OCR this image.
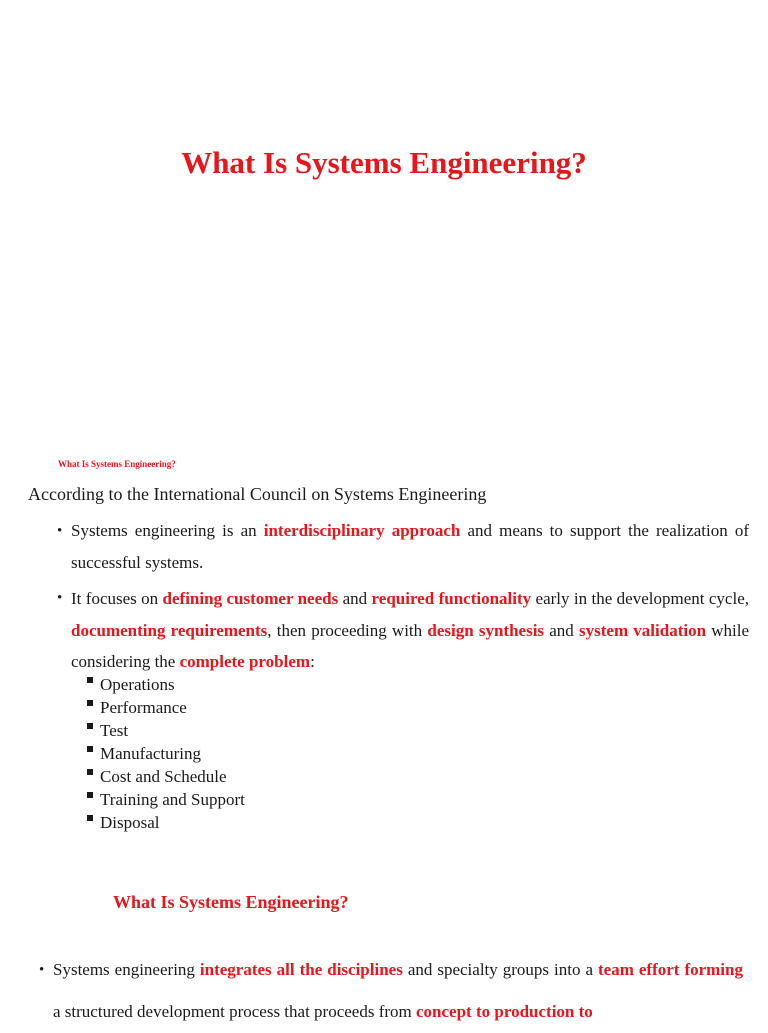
What Is Systems Engineering?
What Is Systems Engineering?
According to the International Council on Systems Engineering
• Systems engineering is an interdisciplinary approach and means to support the realization of successful systems.
• It focuses on defining customer needs and required functionality early in the development cycle, documenting requirements, then proceeding with design synthesis and system validation while considering the complete problem:
Operations
Performance
Test
Manufacturing
Cost and Schedule
Training and Support
Disposal
What Is Systems Engineering?
• Systems engineering integrates all the disciplines and specialty groups into a team effort forming a structured development process that proceeds from concept to production to
